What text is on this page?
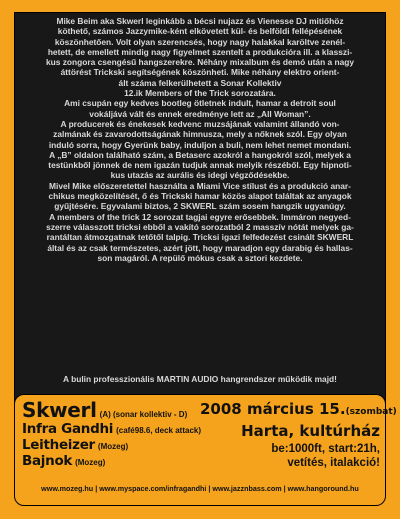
Mike Beim aka Skwerl leginkább a bécsi nujazz és Vienesse DJ mitiőhöz
köthető, számos Jazzymike-ként elkövetett kül- és belföldi fellépésének
köszönhetően. Volt olyan szerencsés, hogy nagy halakkal karöltve zenél-
hetett, de emellett mindig nagy figyelmet szentelt a produkcióra ill. a klasszi-
kus zongora csengésű hangszerekre. Néhány mixalbum és demó után a nagy
áttörést Trickski segítségének köszönheti. Mike néhány elektro orient-
ált száma felkerülhetett a Sonar Kollektiv
12.ik Members of the Trick sorozatára.
Ami csupán egy kedves bootleg ötletnek indult, hamar a detroit soul
vokáljává vált és ennek eredménye lett az „All Woman”.
A producerek és énekesek kedvenc muzsájának valamint állandó von-
zalmának és zavarodottságának himnusza, mely a nőknek szól. Egy olyan
induló sorra, hogy Gyerünk baby, induljon a buli, nem lehet nemet mondani.
A „B” oldalon található szám, a Betaserc azokról a hangokról szól, melyek a
testünkből jönnek de nem igazán tudjuk annak melyik részéből. Egy hipnoti-
kus utazás az aurális és idegi végződésekbe.
Mivel Mike előszeretettel használta a Miami Vice stílust és a produkció anar-
chikus megközelítését, ő és Trickski hamar közös alapot találtak az anyagok
gyűjtésére. Egyvalami biztos, 2 SKWERL szám sosem hangzik ugyanúgy.
A members of the trick 12 sorozat tagjai egyre erősebbek. Immáron negyed-
szerre válasszott tricksi ebből a vakító sorozatból 2 masszív nótát melyek ga-
rantáltan átmozgatnak tetőtől talpig. Tricksi igazi felfedezést csinált SKWERL
által és az csak természetes, azért jött, hogy maradjon egy darabig és hallas-
son magáról. A repülő mókus csak a sztori kezdete.

A bulin professzionális MARTIN AUDIO hangrendszer működik majd!

Skwerl (A) (sonar kollektiv - D)
Infra Gandhi (café98.6, deck attack)
Leitheizer (Mozeg)
Bajnok (Mozeg)
2008 március 15.(szombat)
Harta, kultúrház
be:1000ft, start:21h,
vetítés, italakció!

www.mozeg.hu | www.myspace.com/infragandhi | www.jazznbass.com | www.hangoround.hu
